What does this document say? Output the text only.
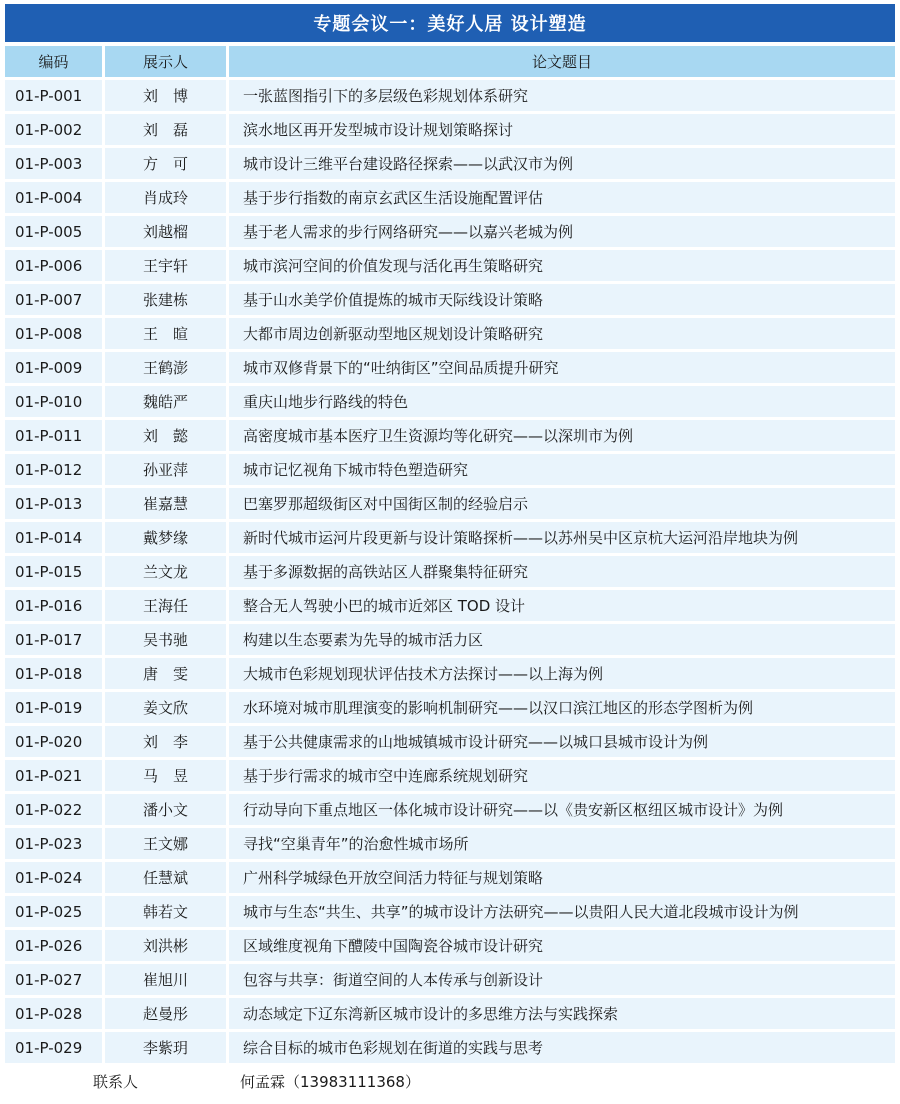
专题会议一：美好人居 设计塑造
编码	展示人	论文题目
01-P-001	刘　博	一张蓝图指引下的多层级色彩规划体系研究
01-P-002	刘　磊	滨水地区再开发型城市设计规划策略探讨
01-P-003	方　可	城市设计三维平台建设路径探索——以武汉市为例
01-P-004	肖成玲	基于步行指数的南京玄武区生活设施配置评估
01-P-005	刘越榴	基于老人需求的步行网络研究——以嘉兴老城为例
01-P-006	王宇轩	城市滨河空间的价值发现与活化再生策略研究
01-P-007	张建栋	基于山水美学价值提炼的城市天际线设计策略
01-P-008	王　暄	大都市周边创新驱动型地区规划设计策略研究
01-P-009	王鹤澎	城市双修背景下的“吐纳街区”空间品质提升研究
01-P-010	魏皓严	重庆山地步行路线的特色
01-P-011	刘　懿	高密度城市基本医疗卫生资源均等化研究——以深圳市为例
01-P-012	孙亚萍	城市记忆视角下城市特色塑造研究
01-P-013	崔嘉慧	巴塞罗那超级街区对中国街区制的经验启示
01-P-014	戴梦缘	新时代城市运河片段更新与设计策略探析——以苏州吴中区京杭大运河沿岸地块为例
01-P-015	兰文龙	基于多源数据的高铁站区人群聚集特征研究
01-P-016	王海任	整合无人驾驶小巴的城市近郊区 TOD 设计
01-P-017	吴书驰	构建以生态要素为先导的城市活力区
01-P-018	唐　雯	大城市色彩规划现状评估技术方法探讨——以上海为例
01-P-019	姜文欣	水环境对城市肌理演变的影响机制研究——以汉口滨江地区的形态学图析为例
01-P-020	刘　李	基于公共健康需求的山地城镇城市设计研究——以城口县城市设计为例
01-P-021	马　昱	基于步行需求的城市空中连廊系统规划研究
01-P-022	潘小文	行动导向下重点地区一体化城市设计研究——以《贵安新区枢纽区城市设计》为例
01-P-023	王文娜	寻找“空巢青年”的治愈性城市场所
01-P-024	任慧斌	广州科学城绿色开放空间活力特征与规划策略
01-P-025	韩若文	城市与生态“共生、共享”的城市设计方法研究——以贵阳人民大道北段城市设计为例
01-P-026	刘洪彬	区域维度视角下醴陵中国陶瓷谷城市设计研究
01-P-027	崔旭川	包容与共享：街道空间的人本传承与创新设计
01-P-028	赵曼彤	动态域定下辽东湾新区城市设计的多思维方法与实践探索
01-P-029	李紫玥	综合目标的城市色彩规划在街道的实践与思考
联系人		何孟霖（13983111368）
